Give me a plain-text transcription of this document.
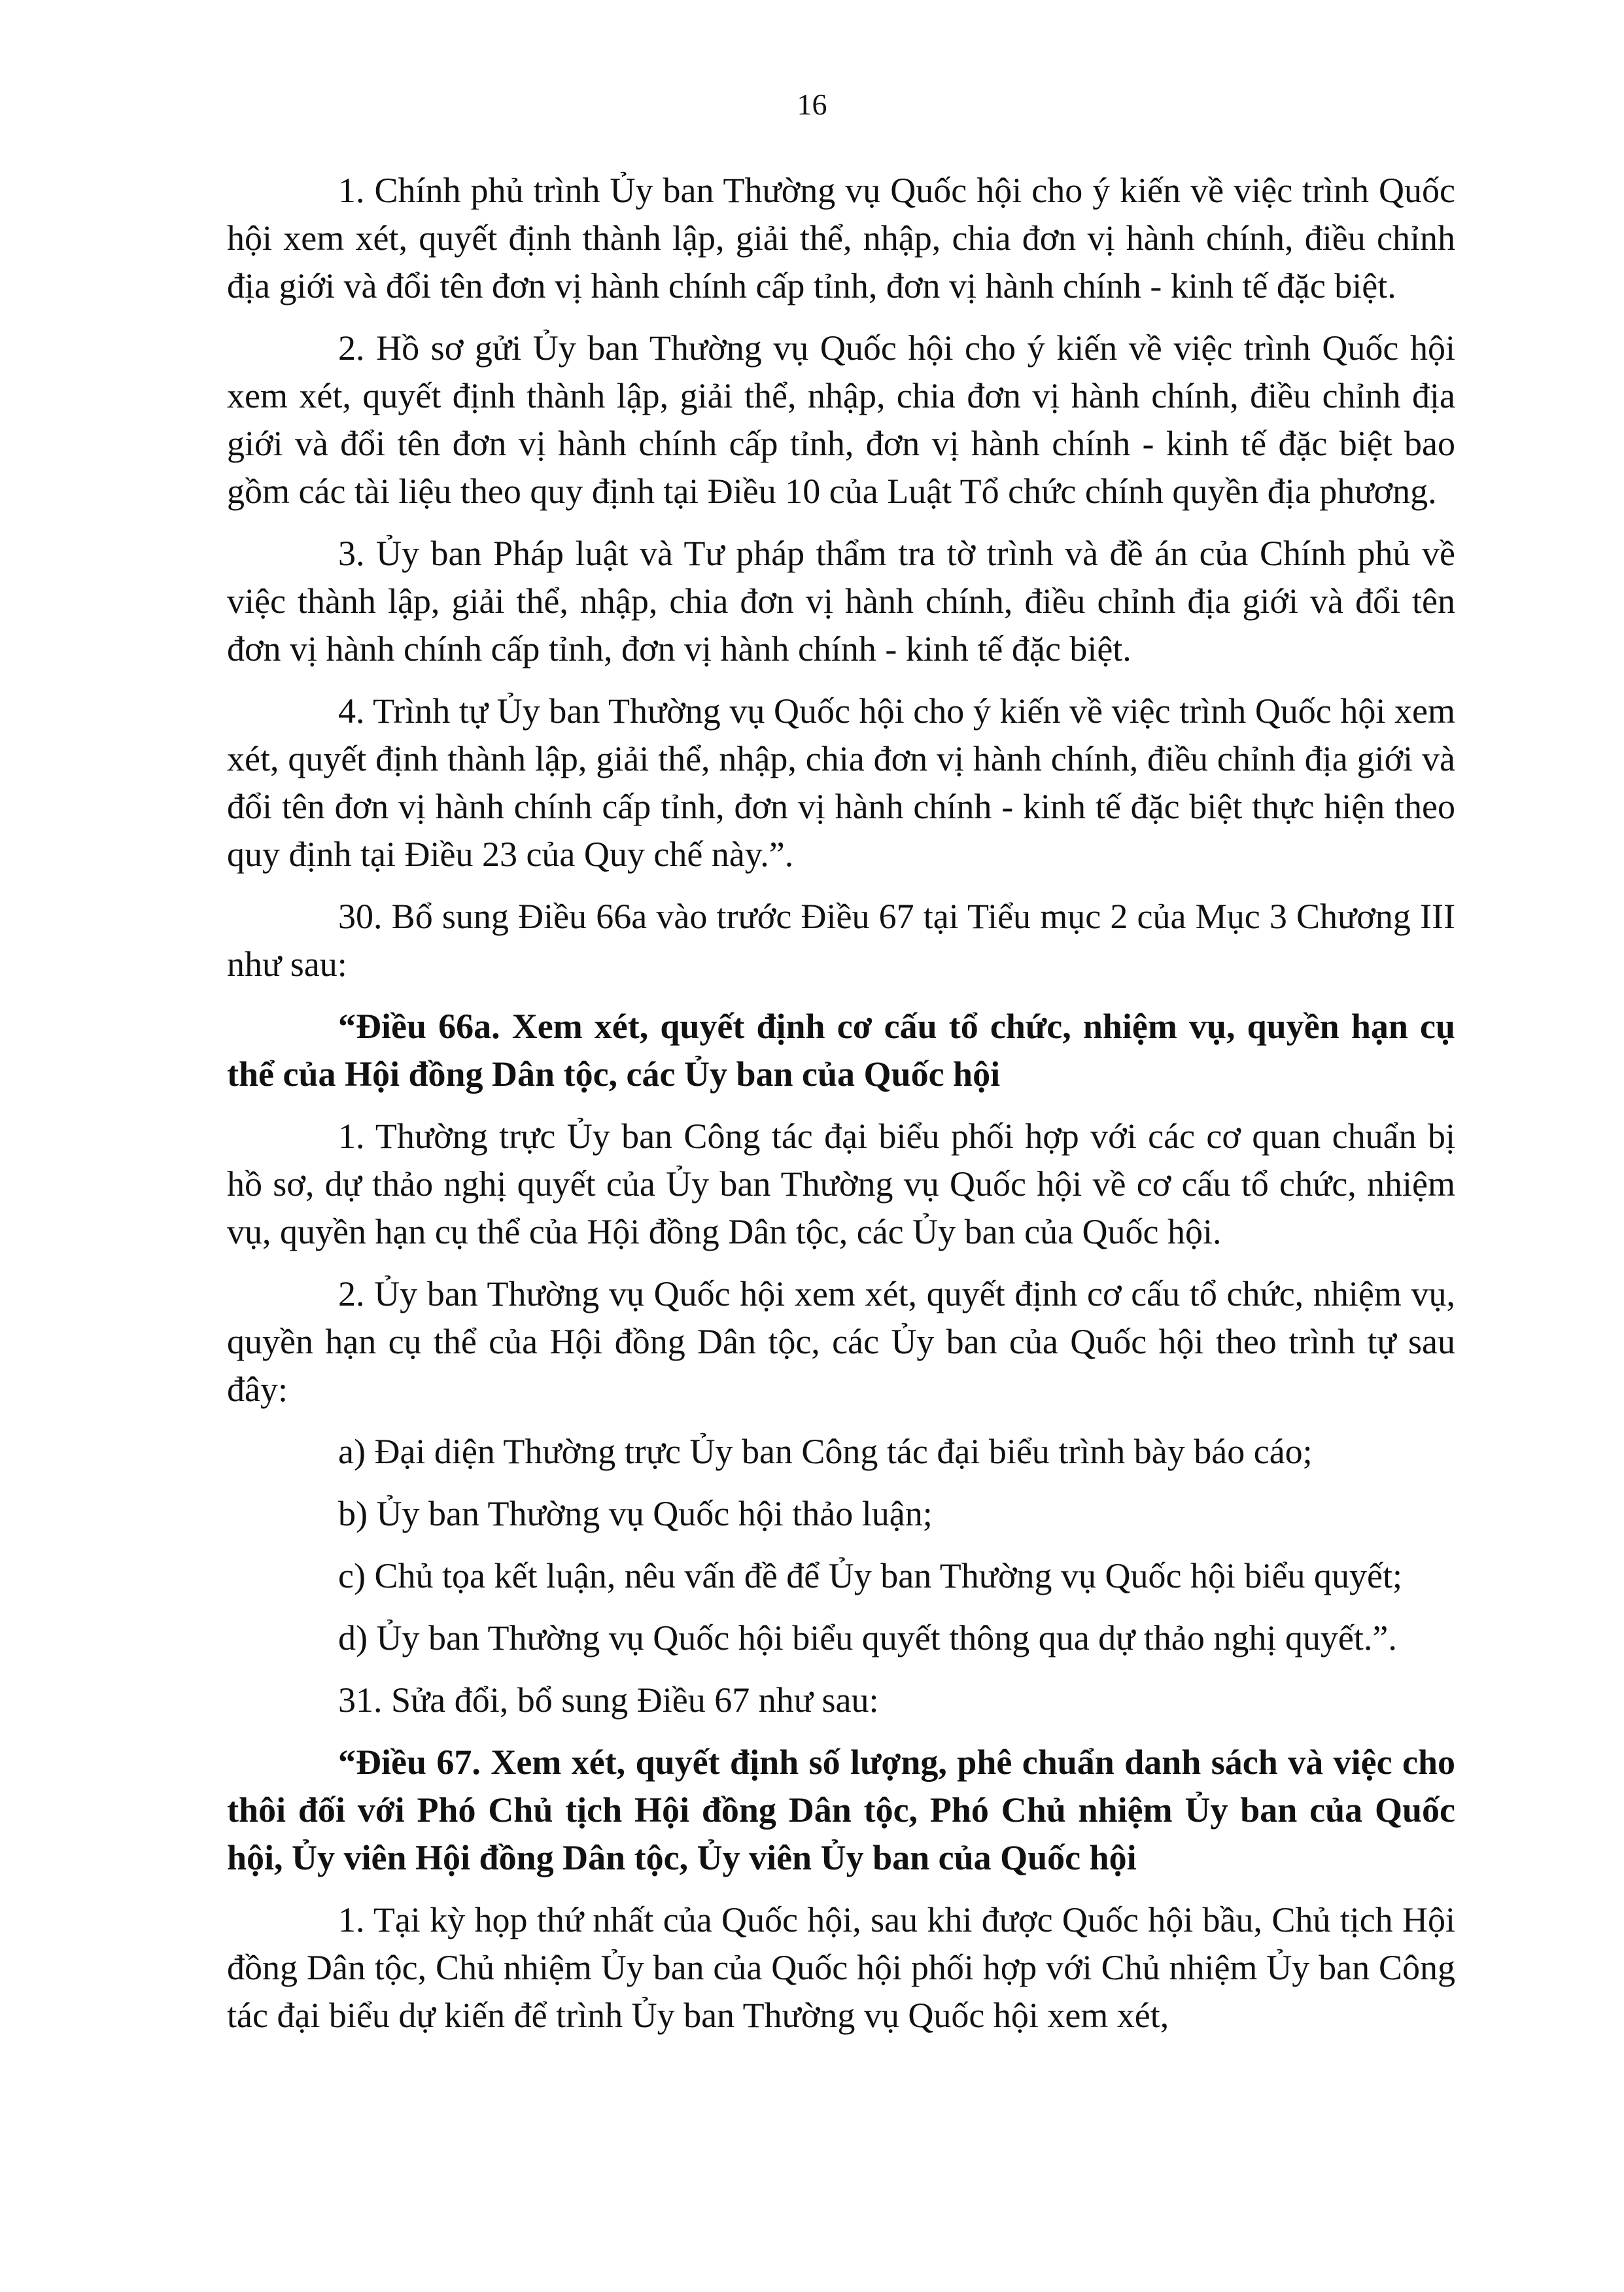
16

1. Chính phủ trình Ủy ban Thường vụ Quốc hội cho ý kiến về việc trình Quốc hội xem xét, quyết định thành lập, giải thể, nhập, chia đơn vị hành chính, điều chỉnh địa giới và đổi tên đơn vị hành chính cấp tỉnh, đơn vị hành chính - kinh tế đặc biệt.

2. Hồ sơ gửi Ủy ban Thường vụ Quốc hội cho ý kiến về việc trình Quốc hội xem xét, quyết định thành lập, giải thể, nhập, chia đơn vị hành chính, điều chỉnh địa giới và đổi tên đơn vị hành chính cấp tỉnh, đơn vị hành chính - kinh tế đặc biệt bao gồm các tài liệu theo quy định tại Điều 10 của Luật Tổ chức chính quyền địa phương.

3. Ủy ban Pháp luật và Tư pháp thẩm tra tờ trình và đề án của Chính phủ về việc thành lập, giải thể, nhập, chia đơn vị hành chính, điều chỉnh địa giới và đổi tên đơn vị hành chính cấp tỉnh, đơn vị hành chính - kinh tế đặc biệt.

4. Trình tự Ủy ban Thường vụ Quốc hội cho ý kiến về việc trình Quốc hội xem xét, quyết định thành lập, giải thể, nhập, chia đơn vị hành chính, điều chỉnh địa giới và đổi tên đơn vị hành chính cấp tỉnh, đơn vị hành chính - kinh tế đặc biệt thực hiện theo quy định tại Điều 23 của Quy chế này.”.

30. Bổ sung Điều 66a vào trước Điều 67 tại Tiểu mục 2 của Mục 3 Chương III như sau:

“Điều 66a. Xem xét, quyết định cơ cấu tổ chức, nhiệm vụ, quyền hạn cụ thể của Hội đồng Dân tộc, các Ủy ban của Quốc hội

1. Thường trực Ủy ban Công tác đại biểu phối hợp với các cơ quan chuẩn bị hồ sơ, dự thảo nghị quyết của Ủy ban Thường vụ Quốc hội về cơ cấu tổ chức, nhiệm vụ, quyền hạn cụ thể của Hội đồng Dân tộc, các Ủy ban của Quốc hội.

2. Ủy ban Thường vụ Quốc hội xem xét, quyết định cơ cấu tổ chức, nhiệm vụ, quyền hạn cụ thể của Hội đồng Dân tộc, các Ủy ban của Quốc hội theo trình tự sau đây:

a) Đại diện Thường trực Ủy ban Công tác đại biểu trình bày báo cáo;

b) Ủy ban Thường vụ Quốc hội thảo luận;

c) Chủ tọa kết luận, nêu vấn đề để Ủy ban Thường vụ Quốc hội biểu quyết;

d) Ủy ban Thường vụ Quốc hội biểu quyết thông qua dự thảo nghị quyết.”.

31. Sửa đổi, bổ sung Điều 67 như sau:

“Điều 67. Xem xét, quyết định số lượng, phê chuẩn danh sách và việc cho thôi đối với Phó Chủ tịch Hội đồng Dân tộc, Phó Chủ nhiệm Ủy ban của Quốc hội, Ủy viên Hội đồng Dân tộc, Ủy viên Ủy ban của Quốc hội

1. Tại kỳ họp thứ nhất của Quốc hội, sau khi được Quốc hội bầu, Chủ tịch Hội đồng Dân tộc, Chủ nhiệm Ủy ban của Quốc hội phối hợp với Chủ nhiệm Ủy ban Công tác đại biểu dự kiến để trình Ủy ban Thường vụ Quốc hội xem xét,
